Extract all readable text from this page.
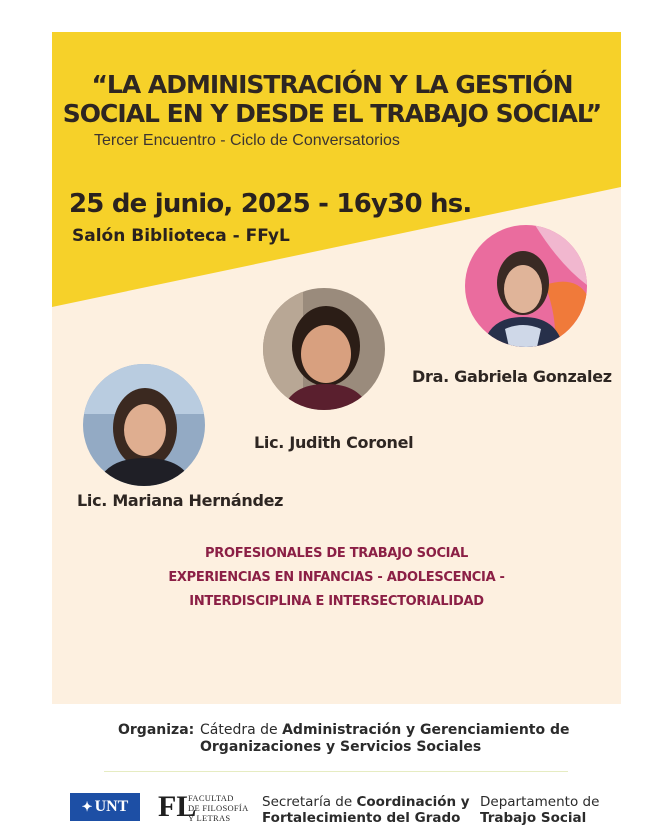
“LA ADMINISTRACIÓN Y LA GESTIÓN
SOCIAL EN Y DESDE EL TRABAJO SOCIAL”
Tercer Encuentro - Ciclo de Conversatorios
25 de junio, 2025 - 16y30 hs.
Salón Biblioteca - FFyL
Dra. Gabriela Gonzalez
Lic. Judith Coronel
Lic. Mariana Hernández
PROFESIONALES DE TRABAJO SOCIAL
EXPERIENCIAS EN INFANCIAS - ADOLESCENCIA -
INTERDISCIPLINA E INTERSECTORIALIDAD
Organiza: Cátedra de Administración y Gerenciamiento de
Organizaciones y Servicios Sociales
✦ UNT FL
FACULTAD
DE FILOSOFÍA
Y LETRAS
Secretaría de Coordinación y
Fortalecimiento del Grado
Departamento de
Trabajo Social
